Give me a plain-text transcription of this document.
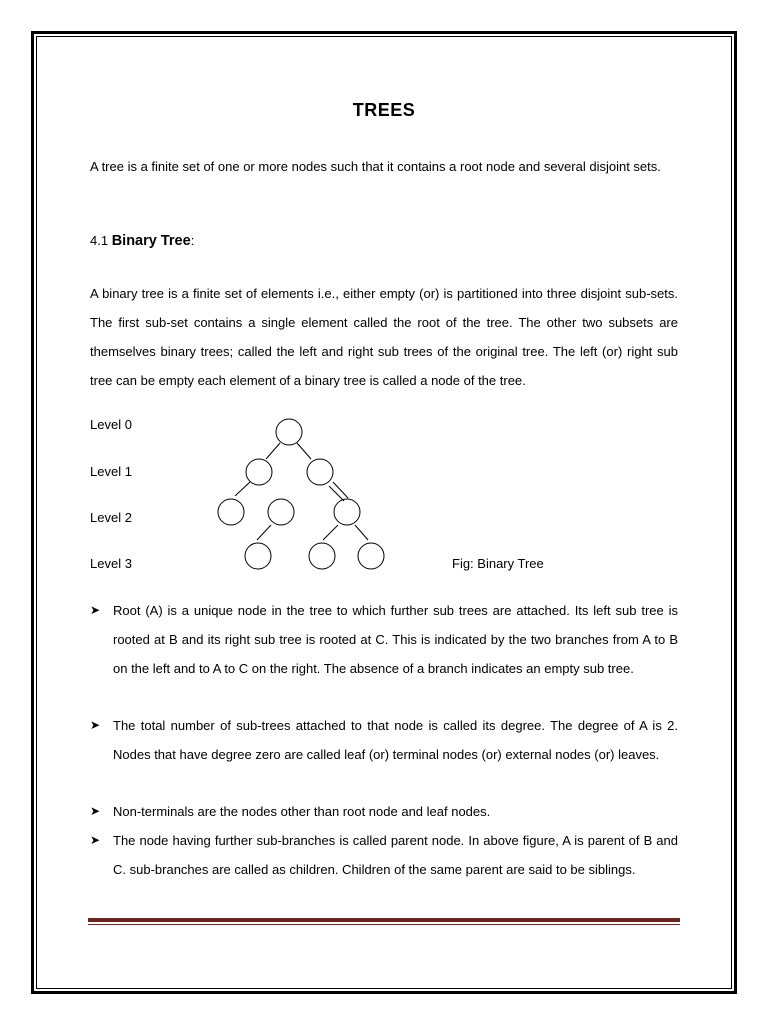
TREES
A tree is a finite set of one or more nodes such that it contains a root node and several disjoint sets.
4.1 Binary Tree:
A binary tree is a finite set of elements i.e., either empty (or) is partitioned into three disjoint sub-sets. The first sub-set contains a single element called the root of the tree. The other two subsets are themselves binary trees; called the left and right sub trees of the original tree. The left (or) right sub tree can be empty each element of a binary tree is called a node of the tree.
Level 0
Level 1
Level 2
Level 3	Fig: Binary Tree
➤ Root (A) is a unique node in the tree to which further sub trees are attached. Its left sub tree is rooted at B and its right sub tree is rooted at C. This is indicated by the two branches from A to B on the left and to A to C on the right. The absence of a branch indicates an empty sub tree.
➤ The total number of sub-trees attached to that node is called its degree. The degree of A is 2. Nodes that have degree zero are called leaf (or) terminal nodes (or) external nodes (or) leaves.
➤ Non-terminals are the nodes other than root node and leaf nodes.
➤ The node having further sub-branches is called parent node. In above figure, A is parent of B and C. sub-branches are called as children. Children of the same parent are said to be siblings.
